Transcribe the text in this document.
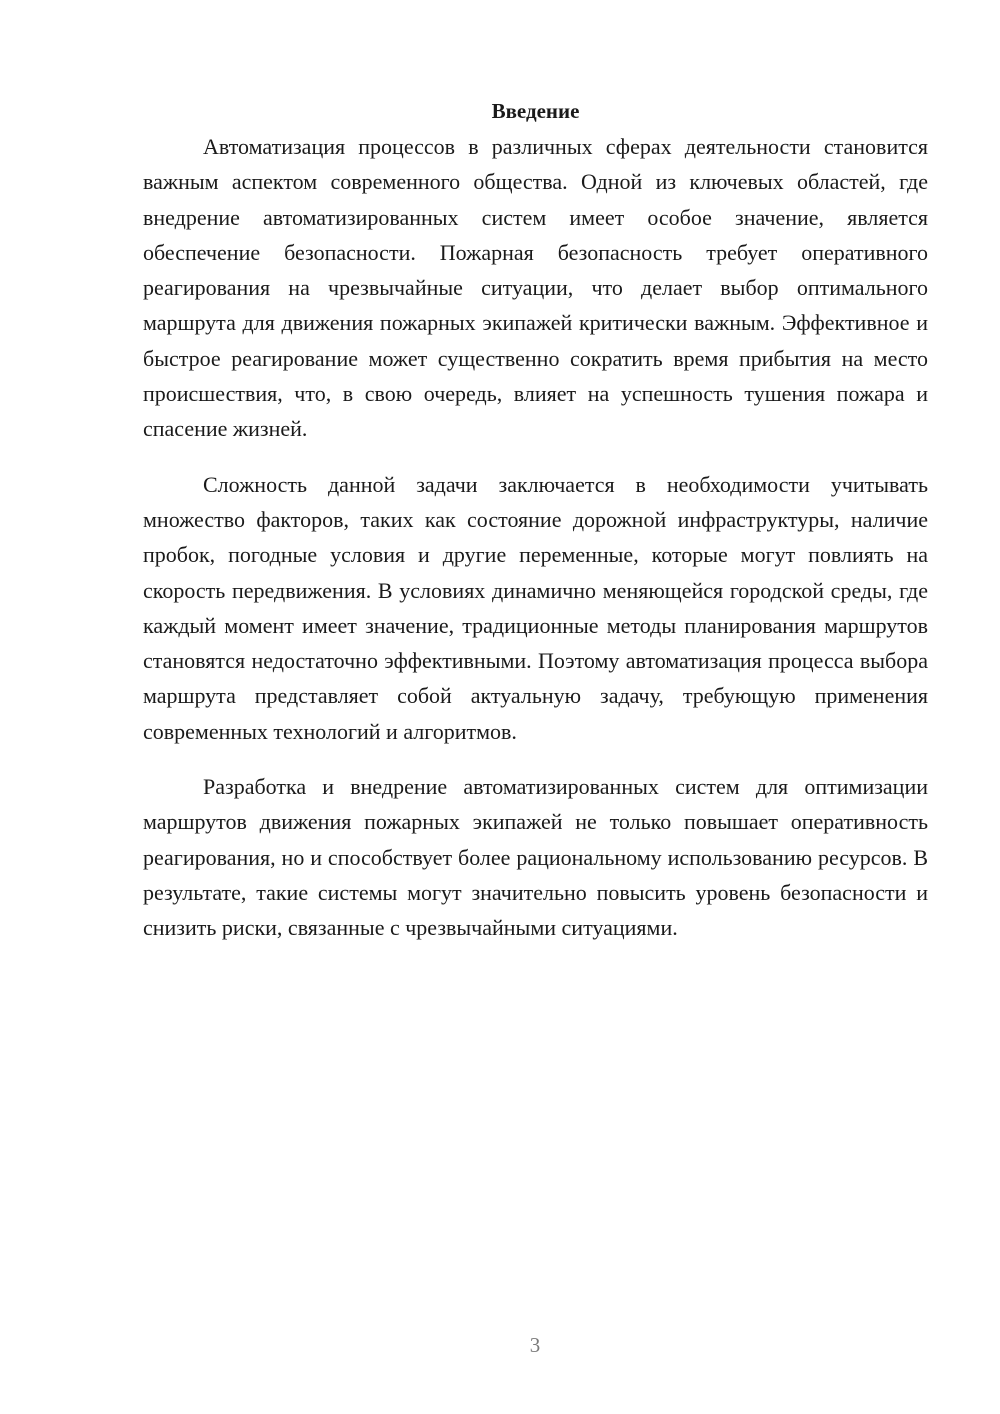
Введение

Автоматизация процессов в различных сферах деятельности становится важным аспектом современного общества. Одной из ключевых областей, где внедрение автоматизированных систем имеет особое значение, является обеспечение безопасности. Пожарная безопасность требует оперативного реагирования на чрезвычайные ситуации, что делает выбор оптимального маршрута для движения пожарных экипажей критически важным. Эффективное и быстрое реагирование может существенно сократить время прибытия на место происшествия, что, в свою очередь, влияет на успешность тушения пожара и спасение жизней.

Сложность данной задачи заключается в необходимости учитывать множество факторов, таких как состояние дорожной инфраструктуры, наличие пробок, погодные условия и другие переменные, которые могут повлиять на скорость передвижения. В условиях динамично меняющейся городской среды, где каждый момент имеет значение, традиционные методы планирования маршрутов становятся недостаточно эффективными. Поэтому автоматизация процесса выбора маршрута представляет собой актуальную задачу, требующую применения современных технологий и алгоритмов.

Разработка и внедрение автоматизированных систем для оптимизации маршрутов движения пожарных экипажей не только повышает оперативность реагирования, но и способствует более рациональному использованию ресурсов. В результате, такие системы могут значительно повысить уровень безопасности и снизить риски, связанные с чрезвычайными ситуациями.

3
